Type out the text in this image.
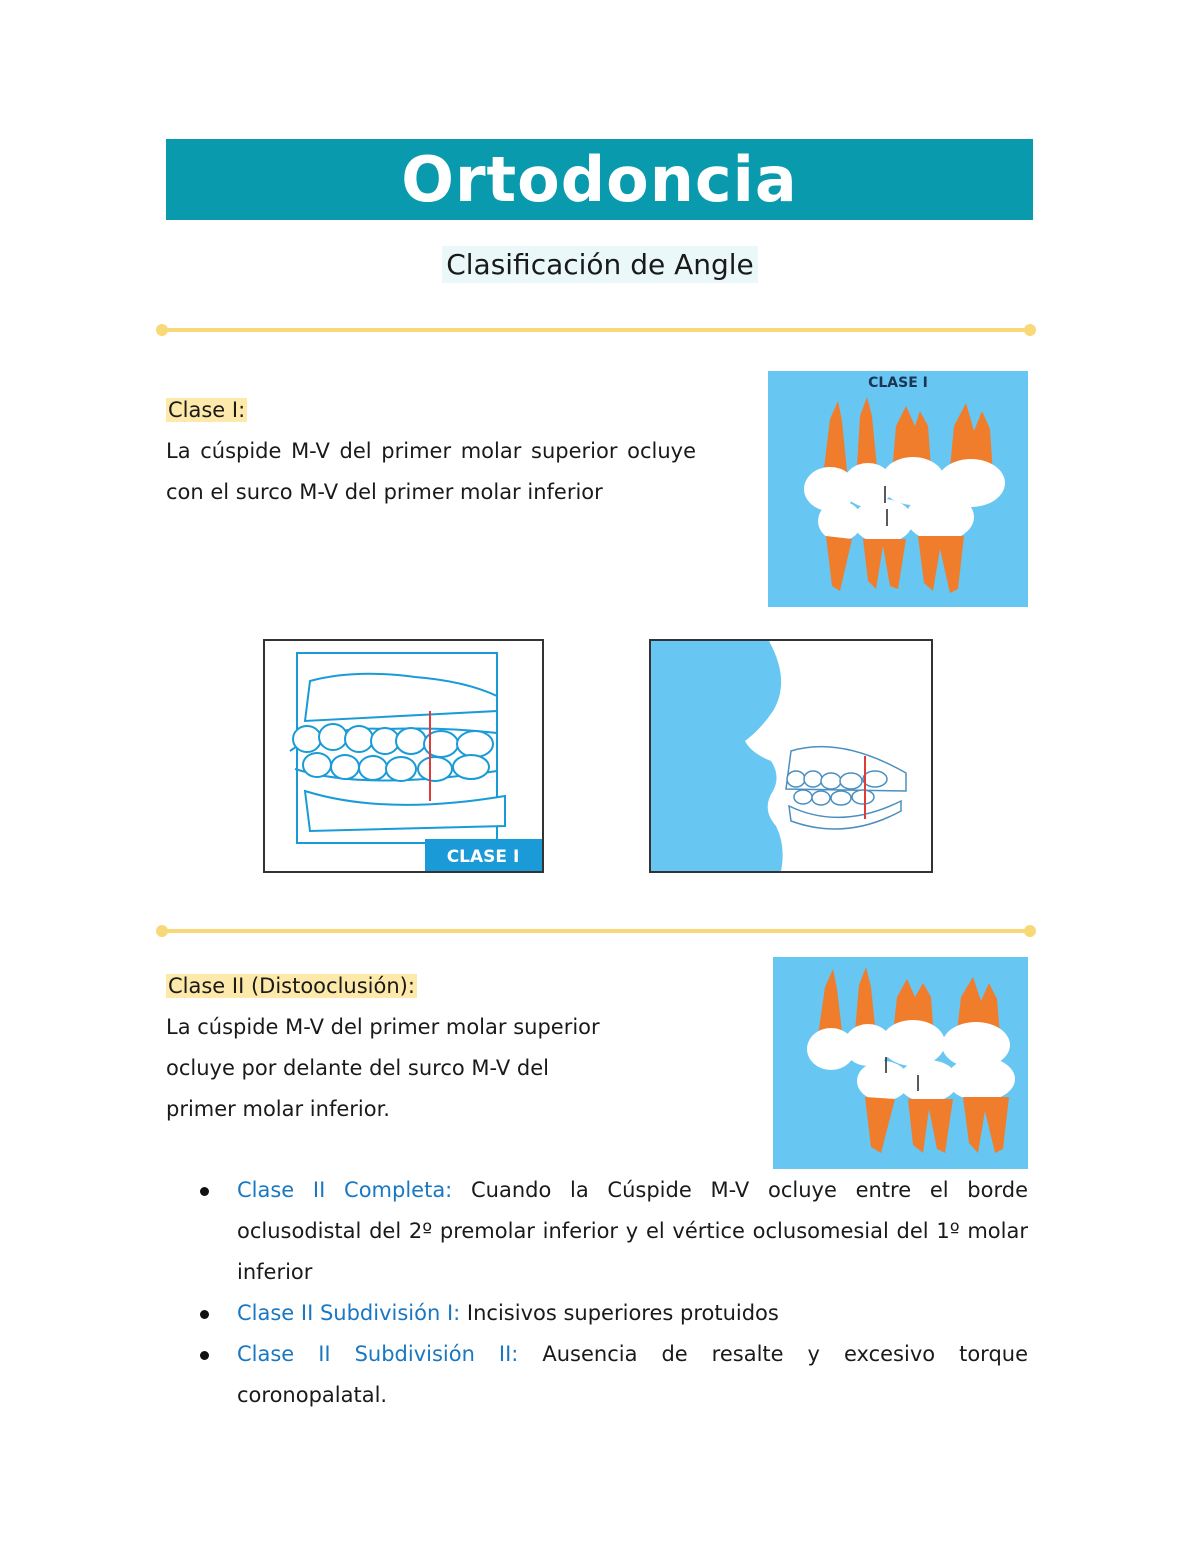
Ortodoncia
Clasificación de Angle
Clase I:
La cúspide M-V del primer molar superior ocluye con el surco M-V del primer molar inferior
CLASE I
CLASE I
Clase II (Distooclusión):
La cúspide M-V del primer molar superior
ocluye por delante del surco M-V del
primer molar inferior.
Clase II Completa: Cuando la Cúspide M-V ocluye entre el borde oclusodistal del 2º premolar inferior y el vértice oclusomesial del 1º molar inferior
Clase II Subdivisión I: Incisivos superiores protuidos
Clase II Subdivisión II: Ausencia de resalte y excesivo torque coronopalatal.
